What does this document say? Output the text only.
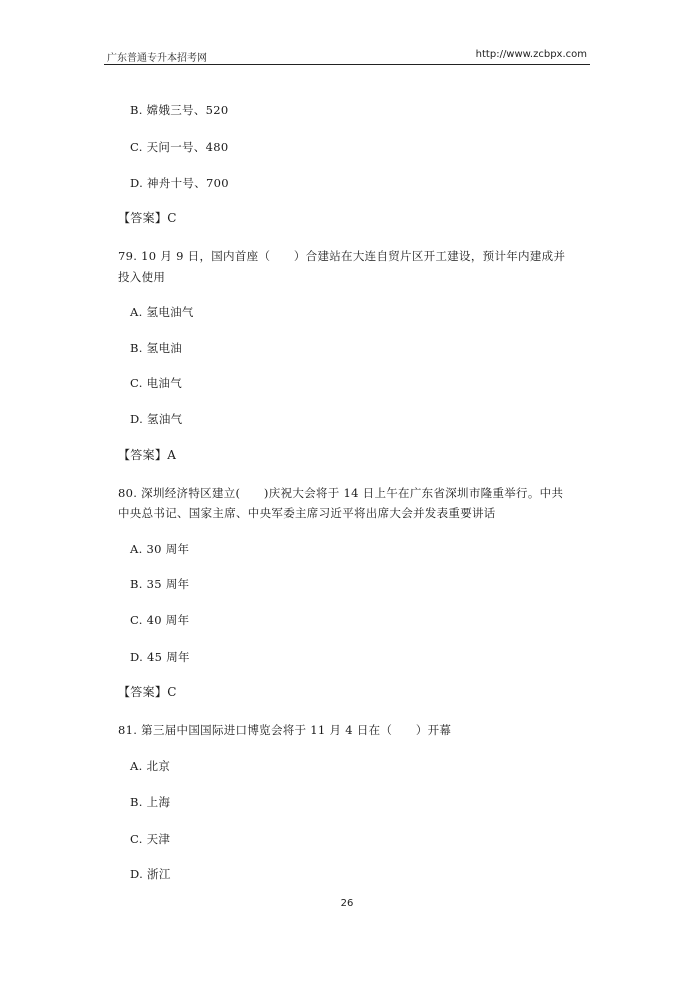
广东普通专升本招考网	http://www.zcbpx.com
B. 嫦娥三号、520
C. 天问一号、480
D. 神舟十号、700
【答案】C
79. 10 月 9 日，国内首座（　　）合建站在大连自贸片区开工建设，预计年内建成并
投入使用
A. 氢电油气
B. 氢电油
C. 电油气
D. 氢油气
【答案】A
80. 深圳经济特区建立(　　)庆祝大会将于 14 日上午在广东省深圳市隆重举行。中共
中央总书记、国家主席、中央军委主席习近平将出席大会并发表重要讲话
A. 30 周年
B. 35 周年
C. 40 周年
D. 45 周年
【答案】C
81. 第三届中国国际进口博览会将于 11 月 4 日在（　　）开幕
A. 北京
B. 上海
C. 天津
D. 浙江
26
